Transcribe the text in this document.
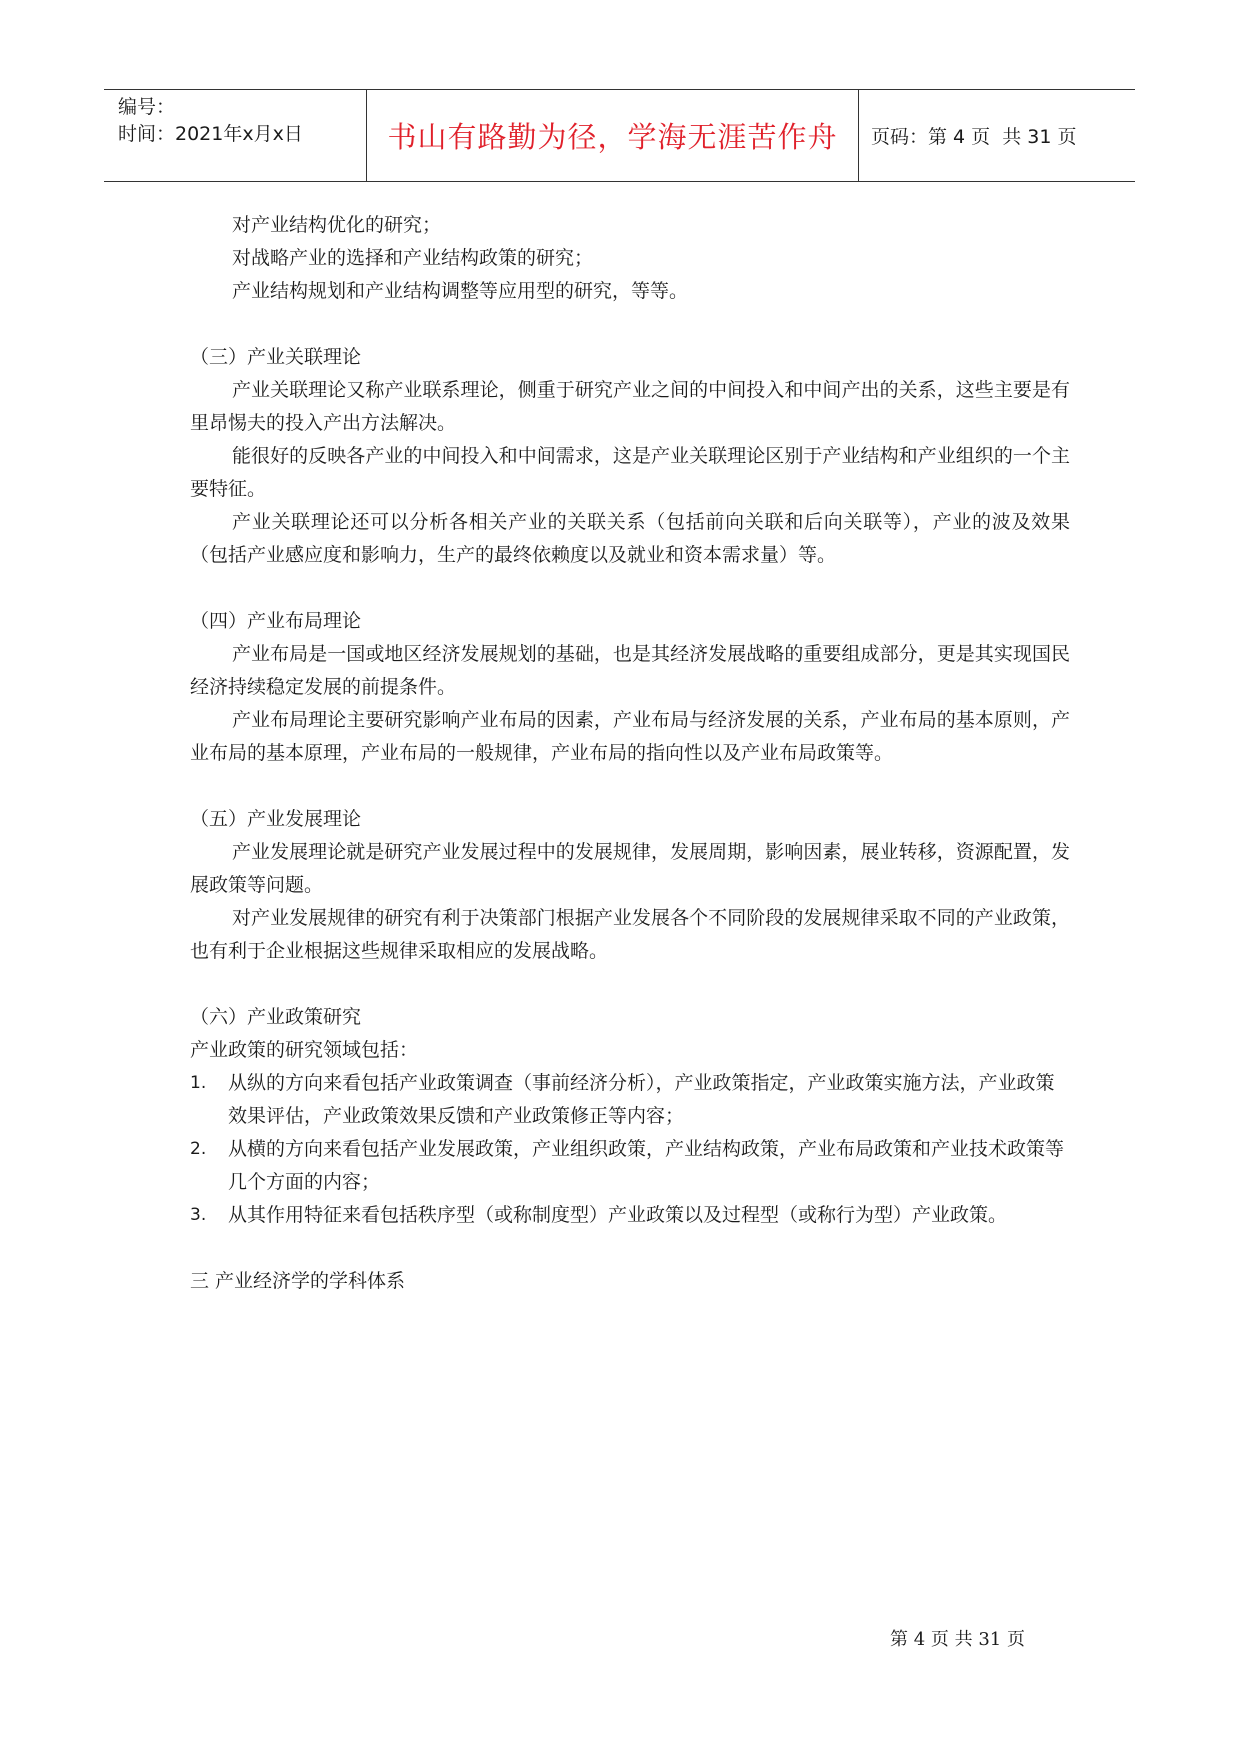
编号：
时间：2021年x月x日	书山有路勤为径，学海无涯苦作舟	页码：第 4 页  共 31 页

对产业结构优化的研究；

对战略产业的选择和产业结构政策的研究；

产业结构规划和产业结构调整等应用型的研究，等等。

（三）产业关联理论

产业关联理论又称产业联系理论，侧重于研究产业之间的中间投入和中间产出的关系，这些主要是有里昂惕夫的投入产出方法解决。

能很好的反映各产业的中间投入和中间需求，这是产业关联理论区别于产业结构和产业组织的一个主要特征。

产业关联理论还可以分析各相关产业的关联关系（包括前向关联和后向关联等），产业的波及效果（包括产业感应度和影响力，生产的最终依赖度以及就业和资本需求量）等。

（四）产业布局理论

产业布局是一国或地区经济发展规划的基础，也是其经济发展战略的重要组成部分，更是其实现国民经济持续稳定发展的前提条件。

产业布局理论主要研究影响产业布局的因素，产业布局与经济发展的关系，产业布局的基本原则，产业布局的基本原理，产业布局的一般规律，产业布局的指向性以及产业布局政策等。

（五）产业发展理论

产业发展理论就是研究产业发展过程中的发展规律，发展周期，影响因素，展业转移，资源配置，发展政策等问题。

对产业发展规律的研究有利于决策部门根据产业发展各个不同阶段的发展规律采取不同的产业政策，也有利于企业根据这些规律采取相应的发展战略。

（六）产业政策研究

产业政策的研究领域包括：

1. 从纵的方向来看包括产业政策调查（事前经济分析），产业政策指定，产业政策实施方法，产业政策效果评估，产业政策效果反馈和产业政策修正等内容；
2. 从横的方向来看包括产业发展政策，产业组织政策，产业结构政策，产业布局政策和产业技术政策等几个方面的内容；
3. 从其作用特征来看包括秩序型（或称制度型）产业政策以及过程型（或称行为型）产业政策。

三 产业经济学的学科体系

第 4 页 共 31 页
